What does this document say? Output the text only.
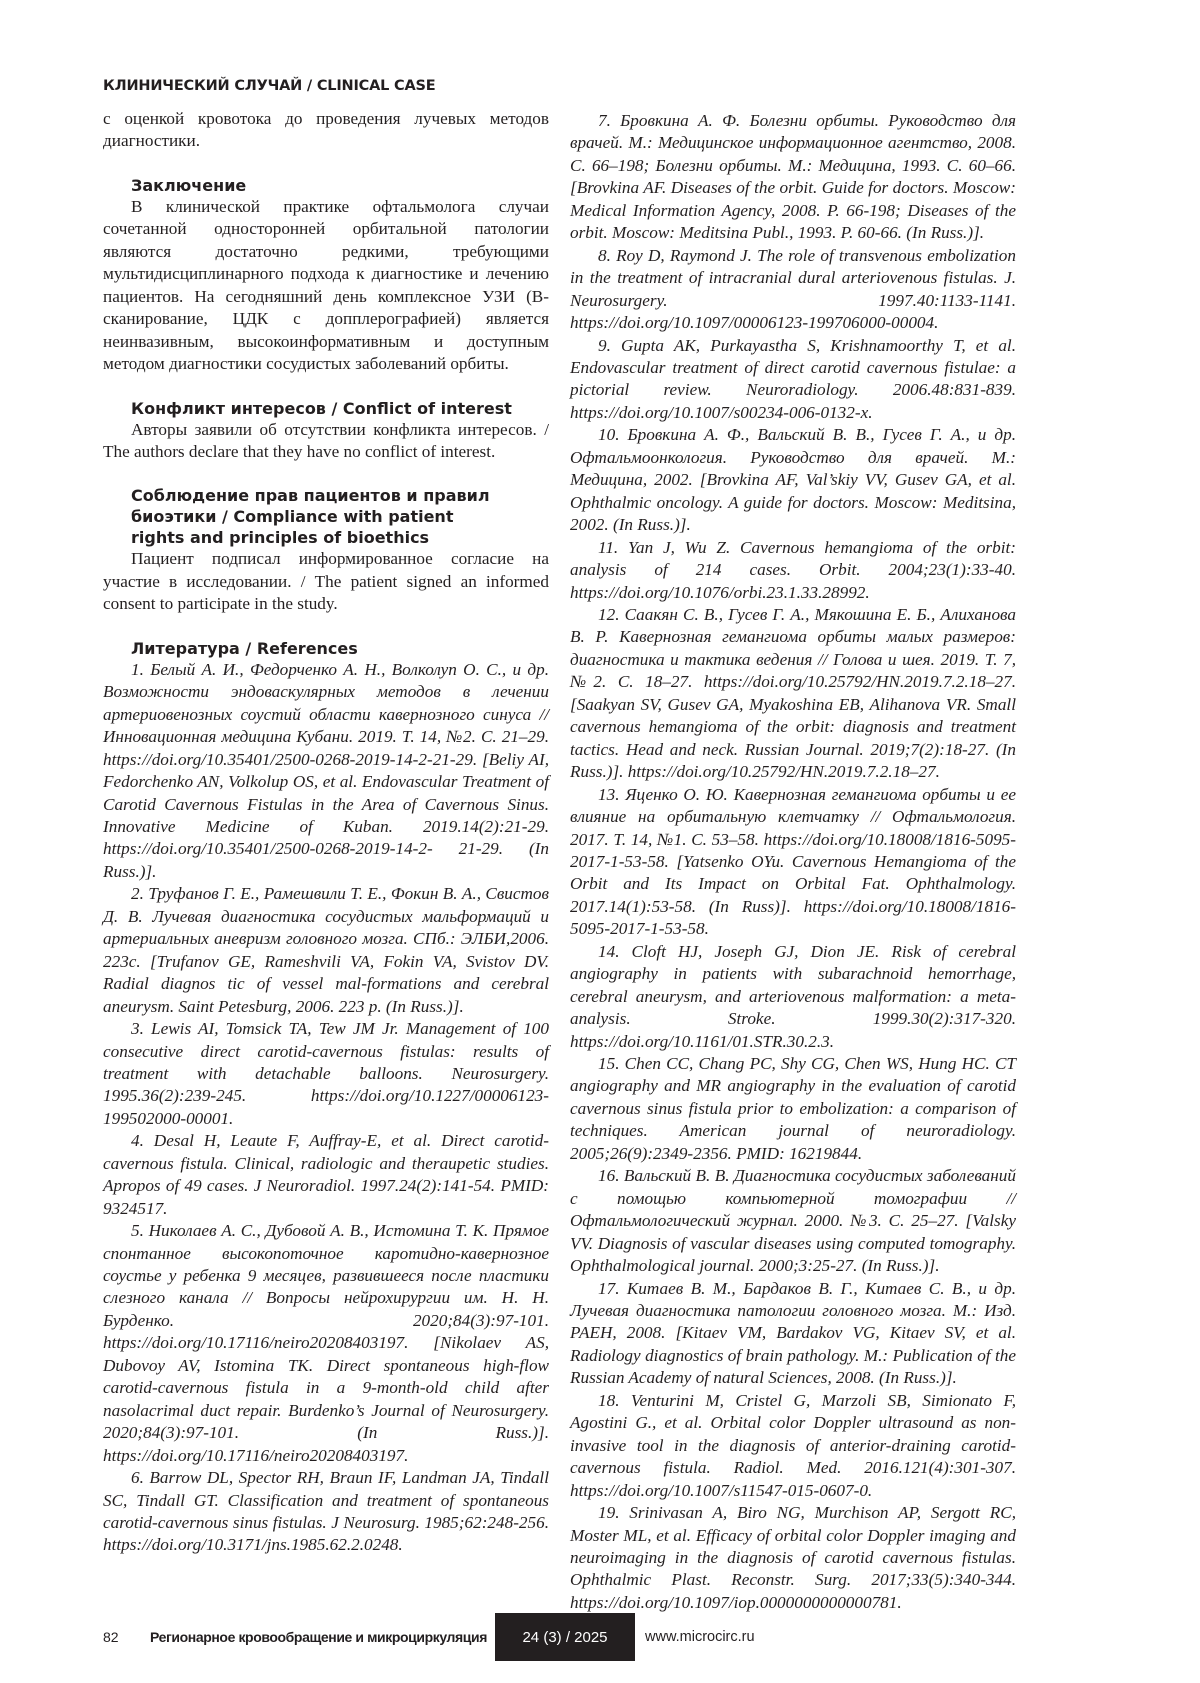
КЛИНИЧЕСКИЙ СЛУЧАЙ / CLINICAL CASE

с оценкой кровотока до проведения лучевых методов диагностики.

Заключение

В клинической практике офтальмолога случаи сочетанной односторонней орбитальной патологии являются достаточно редкими, требующими мультидисциплинарного подхода к диагностике и лечению пациентов. На сегодняшний день комплексное УЗИ (В-сканирование, ЦДК с допплерографией) является неинвазивным, высокоинформативным и доступным методом диагностики сосудистых заболеваний орбиты.

Конфликт интересов / Conflict of interest

Авторы заявили об отсутствии конфликта интересов. / The authors declare that they have no conflict of interest.

Соблюдение прав пациентов и правил биоэтики / Compliance with patient rights and principles of bioethics

Пациент подписал информированное согласие на участие в исследовании. / The patient signed an informed consent to participate in the study.

Литература / References

1. Белый А. И., Федорченко А. Н., Волколуп О. С., и др. Возможности эндоваскулярных методов в лечении артериовенозных соустий области кавернозного синуса // Инновационная медицина Кубани. 2019. Т. 14, №2. С. 21–29. https://doi.org/10.35401/2500-0268-2019-14-2-21-29. [Beliy AI, Fedorchenko AN, Volkolup OS, et al. Endovascular Treatment of Carotid Cavernous Fistulas in the Area of Cavernous Sinus. Innovative Medicine of Kuban. 2019.14(2):21-29. https://doi.org/10.35401/2500-0268-2019-14-2- 21-29. (In Russ.)].

2. Труфанов Г. Е., Рамешвили Т. Е., Фокин В. А., Свистов Д. В. Лучевая диагностика сосудистых мальформаций и артериальных аневризм головного мозга. СПб.: ЭЛБИ,2006. 223с. [Trufanov GE, Rameshvili VA, Fokin VA, Svistov DV. Radial diagnos tic of vessel mal-formations and cerebral aneurysm. Saint Petesburg, 2006. 223 p. (In Russ.)].

3. Lewis AI, Tomsick TA, Tew JM Jr. Management of 100 consecutive direct carotid-cavernous fistulas: results of treatment with detachable balloons. Neurosurgery. 1995.36(2):239-245. https://doi.org/10.1227/00006123-199502000-00001.

4. Desal H, Leaute F, Auffray-E, et al. Direct carotid-cavernous fistula. Clinical, radiologic and theraupetic studies. Apropos of 49 cases. J Neuroradiol. 1997.24(2):141-54. PMID: 9324517.

5. Николаев А. С., Дубовой А. В., Истомина Т. К. Прямое спонтанное высокопоточное каротидно-кавернозное соустье у ребенка 9 месяцев, развившееся после пластики слезного канала // Вопросы нейрохирургии им. Н. Н. Бурденко. 2020;84(3):97-101. https://doi.org/10.17116/neiro20208403197. [Nikolaev AS, Dubovoy AV, Istomina TK. Direct spontaneous high-flow carotid-cavernous fistula in a 9-month-old child after nasolacrimal duct repair. Burdenko’s Journal of Neurosurgery. 2020;84(3):97-101. (In Russ.)]. https://doi.org/10.17116/neiro20208403197.

6. Barrow DL, Spector RH, Braun IF, Landman JA, Tindall SC, Tindall GT. Classification and treatment of spontaneous carotid-cavernous sinus fistulas. J Neurosurg. 1985;62:248-256. https://doi.org/10.3171/jns.1985.62.2.0248.

7. Бровкина А. Ф. Болезни орбиты. Руководство для врачей. М.: Медицинское информационное агентство, 2008. С. 66–198; Болезни орбиты. М.: Медицина, 1993. С. 60–66. [Brovkina AF. Diseases of the orbit. Guide for doctors. Moscow: Medical Information Agency, 2008. P. 66-198; Diseases of the orbit. Moscow: Meditsina Publ., 1993. P. 60-66. (In Russ.)].

8. Roy D, Raymond J. The role of transvenous embolization in the treatment of intracranial dural arteriovenous fistulas. J. Neurosurgery. 1997.40:1133-1141. https://doi.org/10.1097/00006123-199706000-00004.

9. Gupta AK, Purkayastha S, Krishnamoorthy T, et al. Endovascular treatment of direct carotid cavernous fistulae: a pictorial review. Neuroradiology. 2006.48:831-839. https://doi.org/10.1007/s00234-006-0132-x.

10. Бровкина А. Ф., Вальский В. В., Гусев Г. А., и др. Офтальмоонкология. Руководство для врачей. М.: Медицина, 2002. [Brovkina AF, Val’skiy VV, Gusev GA, et al. Ophthalmic oncology. A guide for doctors. Moscow: Meditsina, 2002. (In Russ.)].

11. Yan J, Wu Z. Cavernous hemangioma of the orbit: analysis of 214 cases. Orbit. 2004;23(1):33-40. https://doi.org/10.1076/orbi.23.1.33.28992.

12. Саакян С. В., Гусев Г. А., Мякошина Е. Б., Алиханова В. Р. Кавернозная гемангиома орбиты малых размеров: диагностика и тактика ведения // Голова и шея. 2019. Т. 7, №2. С. 18–27. https://doi.org/10.25792/HN.2019.7.2.18–27. [Saakyan SV, Gusev GA, Myakoshina EB, Alihanova VR. Small cavernous hemangioma of the orbit: diagnosis and treatment tactics. Head and neck. Russian Journal. 2019;7(2):18-27. (In Russ.)]. https://doi.org/10.25792/HN.2019.7.2.18–27.

13. Яценко О. Ю. Кавернозная гемангиома орбиты и ее влияние на орбитальную клетчатку // Офтальмология. 2017. Т. 14, №1. С. 53–58. https://doi.org/10.18008/1816-5095-2017-1-53-58. [Yatsenko OYu. Cavernous Hemangioma of the Orbit and Its Impact on Orbital Fat. Ophthalmology. 2017.14(1):53-58. (In Russ)]. https://doi.org/10.18008/1816-5095-2017-1-53-58.

14. Cloft HJ, Joseph GJ, Dion JE. Risk of cerebral angiography in patients with subarachnoid hemorrhage, cerebral aneurysm, and arteriovenous malformation: a meta-analysis. Stroke. 1999.30(2):317-320. https://doi.org/10.1161/01.STR.30.2.3.

15. Chen CC, Chang PC, Shy CG, Chen WS, Hung HC. CT angiography and MR angiography in the evaluation of carotid cavernous sinus fistula prior to embolization: a comparison of techniques. American journal of neuroradiology. 2005;26(9):2349-2356. PMID: 16219844.

16. Вальский В. В. Диагностика сосудистых заболеваний с помощью компьютерной томографии // Офтальмологический журнал. 2000. №3. С. 25–27. [Valsky VV. Diagnosis of vascular diseases using computed tomography. Ophthalmological journal. 2000;3:25-27. (In Russ.)].

17. Китаев В. М., Бардаков В. Г., Китаев С. В., и др. Лучевая диагностика патологии головного мозга. М.: Изд. РАЕН, 2008. [Kitaev VM, Bardakov VG, Kitaev SV, et al. Radiology diagnostics of brain pathology. M.: Publication of the Russian Academy of natural Sciences, 2008. (In Russ.)].

18. Venturini M, Cristel G, Marzoli SB, Simionato F, Agostini G., et al. Orbital color Doppler ultrasound as non-invasive tool in the diagnosis of anterior-draining carotid-cavernous fistula. Radiol. Med. 2016.121(4):301-307. https://doi.org/10.1007/s11547-015-0607-0.

19. Srinivasan A, Biro NG, Murchison AP, Sergott RC, Moster ML, et al. Efficacy of orbital color Doppler imaging and neuroimaging in the diagnosis of carotid cavernous fistulas. Ophthalmic Plast. Reconstr. Surg. 2017;33(5):340-344. https://doi.org/10.1097/iop.0000000000000781.

82	Регионарное кровообращение и микроциркуляция	24 (3) / 2025	www.microcirc.ru
